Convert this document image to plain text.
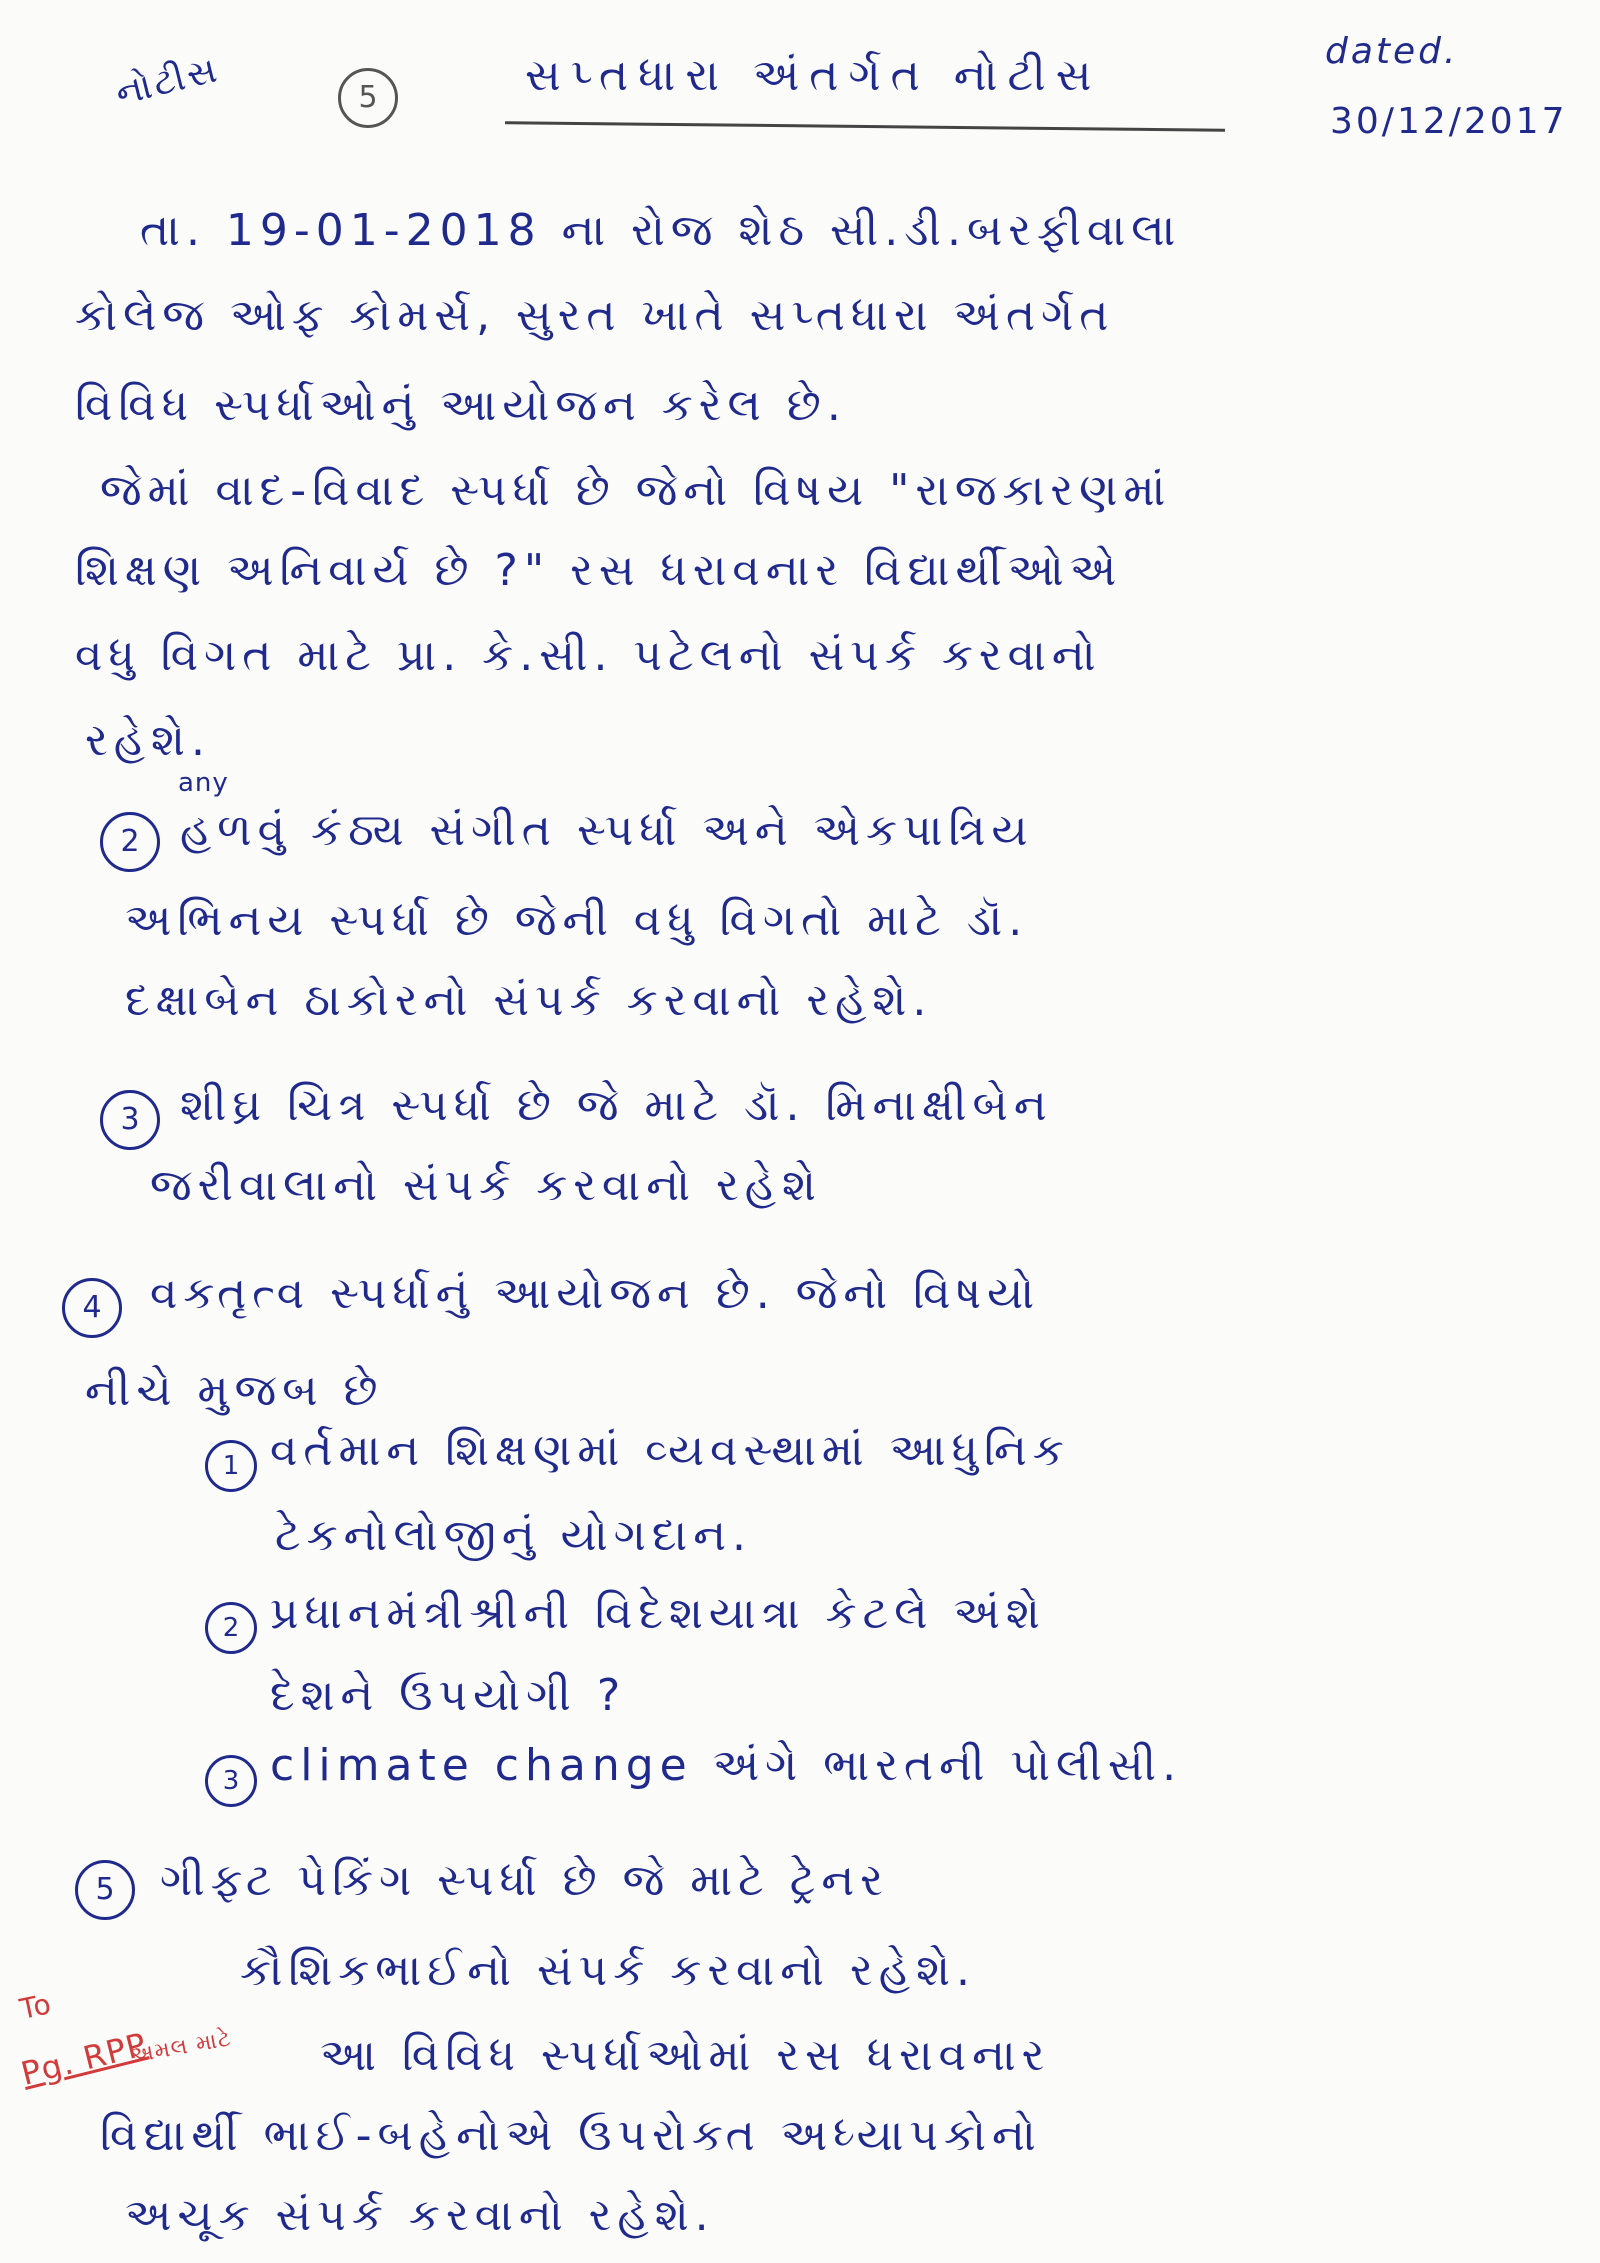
નોટીસ	5	સપ્તધારા અંતર્ગત નોટીસ	dated.
30/12/2017
તા. 19-01-2018 ના રોજ શેઠ સી.ડી.બરફીવાલા
કોલેજ ઓફ કોમર્સ, સુરત ખાતે સપ્તધારા અંતર્ગત
વિવિધ સ્પર્ધાઓનું આયોજન કરેલ છે.
જેમાં વાદ-વિવાદ સ્પર્ધા છે જેનો વિષય "રાજકારણમાં
શિક્ષણ અનિવાર્ય છે ?" રસ ધરાવનાર વિદ્યાર્થીઓએ
વધુ વિગત માટે પ્રા. કે.સી. પટેલનો સંપર્ક કરવાનો
રહેશે.
2
any
હળવું કંઠ્ય સંગીત સ્પર્ધા અને એકપાત્રિય
અભિનય સ્પર્ધા છે જેની વધુ વિગતો માટે ડૉ.
દક્ષાબેન ઠાકોરનો સંપર્ક કરવાનો રહેશે.
3 શીઘ્ર ચિત્ર સ્પર્ધા છે જે માટે ડૉ. મિનાક્ષીબેન
જરીવાલાનો સંપર્ક કરવાનો રહેશે
4	વક્તૃત્વ સ્પર્ધાનું આયોજન છે. જેનો વિષયો
નીચે મુજબ છે
1 વર્તમાન શિક્ષણમાં વ્યવસ્થામાં આધુનિક
ટેકનોલોજીનું યોગદાન.
2 પ્રધાનમંત્રીશ્રીની વિદેશયાત્રા કેટલે અંશે
દેશને ઉપયોગી ?
3 climate change અંગે ભારતની પોલીસી.
5	ગીફ્ટ પેકિંગ સ્પર્ધા છે જે માટે ટ્રેનર
કૌશિકભાઈનો સંપર્ક કરવાનો રહેશે.
આ વિવિધ સ્પર્ધાઓમાં રસ ધરાવનાર
વિદ્યાર્થી ભાઈ-બહેનોએ ઉપરોક્ત અધ્યાપકોનો
અચૂક સંપર્ક કરવાનો રહેશે.
To
Pg. RPP
અમલ માટે
